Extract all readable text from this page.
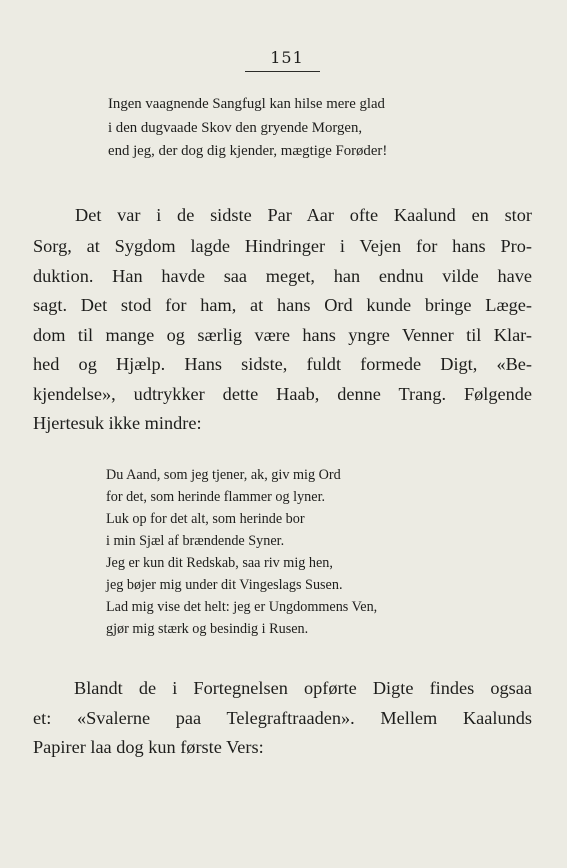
151
Ingen vaagnende Sangfugl kan hilse mere glad
i den dugvaade Skov den gryende Morgen,
end jeg, der dog dig kjender, mægtige Forøder!
Det var i de sidste Par Aar ofte Kaalund en stor
Sorg, at Sygdom lagde Hindringer i Vejen for hans Pro-
duktion. Han havde saa meget, han endnu vilde have
sagt. Det stod for ham, at hans Ord kunde bringe Læge-
dom til mange og særlig være hans yngre Venner til Klar-
hed og Hjælp. Hans sidste, fuldt formede Digt, «Be-
kjendelse», udtrykker dette Haab, denne Trang. Følgende
Hjertesuk ikke mindre:
Du Aand, som jeg tjener, ak, giv mig Ord
for det, som herinde flammer og lyner.
Luk op for det alt, som herinde bor
i min Sjæl af brændende Syner.
Jeg er kun dit Redskab, saa riv mig hen,
jeg bøjer mig under dit Vingeslags Susen.
Lad mig vise det helt: jeg er Ungdommens Ven,
gjør mig stærk og besindig i Rusen.
Blandt de i Fortegnelsen opførte Digte findes ogsaa
et: «Svalerne paa Telegraftraaden». Mellem Kaalunds
Papirer laa dog kun første Vers:
